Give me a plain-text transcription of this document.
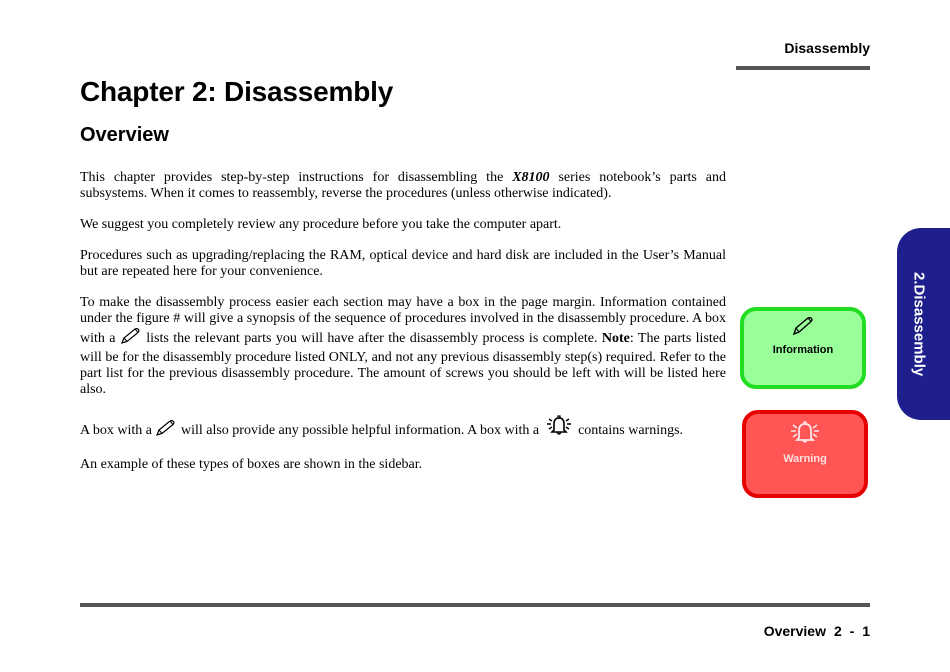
Disassembly
Chapter 2: Disassembly
Overview

This chapter provides step-by-step instructions for disassembling the X8100 series notebook’s parts and subsystems. When it comes to reassembly, reverse the procedures (unless otherwise indicated).

We suggest you completely review any procedure before you take the computer apart.

Procedures such as upgrading/replacing the RAM, optical device and hard disk are included in the User’s Manual but are repeated here for your convenience.

To make the disassembly process easier each section may have a box in the page margin. Information contained under the figure # will give a synopsis of the sequence of procedures involved in the disassembly procedure. A box with a  lists the relevant parts you will have after the disassembly process is complete. Note: The parts listed will be for the disassembly procedure listed ONLY, and not any previous disassembly step(s) required. Refer to the part list for the previous disassembly procedure. The amount of screws you should be left with will be listed here also.

A box with a  will also provide any possible helpful information. A box with a  contains warnings.

An example of these types of boxes are shown in the sidebar.

2.Disassembly
Information
Warning
Overview 2 - 1
